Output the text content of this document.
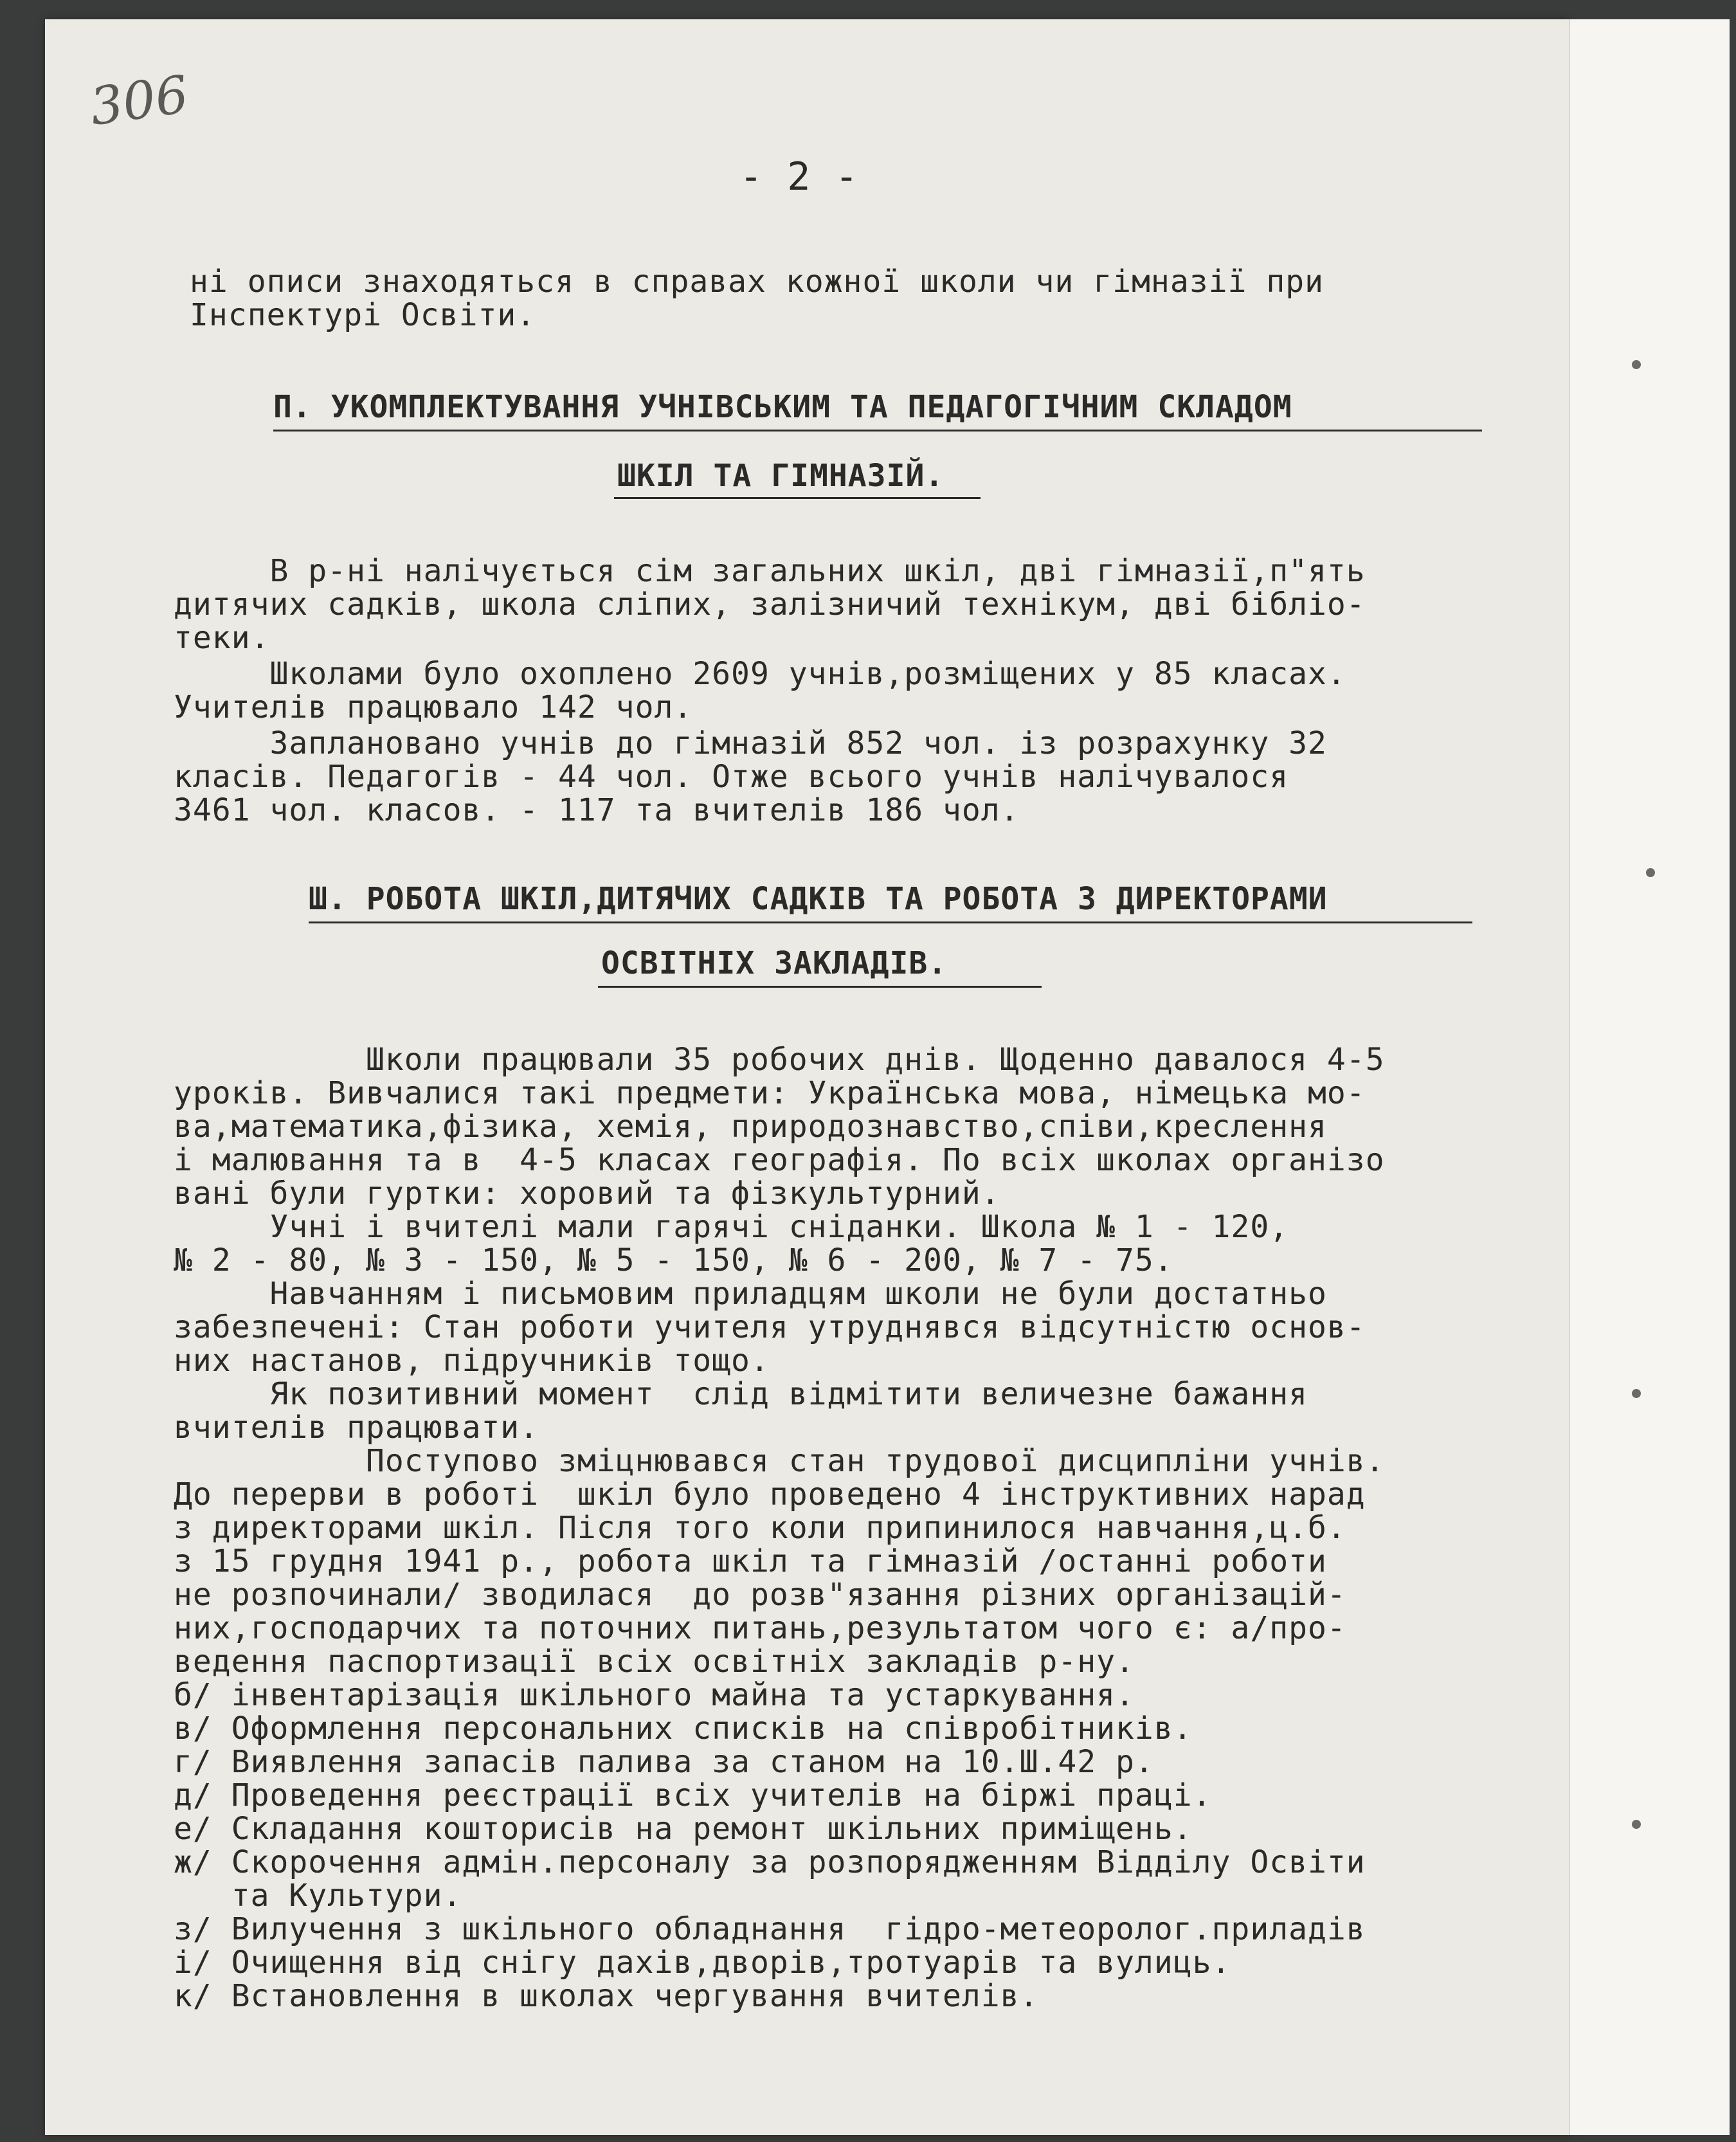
306
- 2 -
ні описи знаходяться в справах кожної школи чи гімназії при
Інспектурі Освіти.
П. УКОМПЛЕКТУВАННЯ УЧНІВСЬКИМ ТА ПЕДАГОГІЧНИМ СКЛАДОМ
ШКІЛ ТА ГІМНАЗІЙ.
В р-ні налічується сім загальних шкіл, дві гімназії,п"ять
дитячих садків, школа сліпих, залізничий технікум, дві бібліо-
теки.
Школами було охоплено 2609 учнів,розміщених у 85 класах.
Учителів працювало 142 чол.
Заплановано учнів до гімназій 852 чол. із розрахунку 32
класів. Педагогів - 44 чол. Отже всього учнів налічувалося
3461 чол. класов. - 117 та вчителів 186 чол.
Ш. РОБОТА ШКІЛ,ДИТЯЧИХ САДКІВ ТА РОБОТА З ДИРЕКТОРАМИ
ОСВІТНІХ ЗАКЛАДІВ.
Школи працювали 35 робочих днів. Щоденно давалося 4-5
уроків. Вивчалися такі предмети: Українська мова, німецька мо-
ва,математика,фізика, хемія, природознавство,співи,креслення
і малювання та в  4-5 класах географія. По всіх школах організо
вані були гуртки: хоровий та фізкультурний.
Учні і вчителі мали гарячі сніданки. Школа № 1 - 120,
№ 2 - 80, № 3 - 150, № 5 - 150, № 6 - 200, № 7 - 75.
Навчанням і письмовим приладцям школи не були достатньо
забезпечені: Стан роботи учителя утруднявся відсутністю основ-
них настанов, підручників тощо.
Як позитивний момент  слід відмітити величезне бажання
вчителів працювати.
Поступово зміцнювався стан трудової дисципліни учнів.
До перерви в роботі  шкіл було проведено 4 інструктивних нарад
з директорами шкіл. Після того коли припинилося навчання,ц.б.
з 15 грудня 1941 р., робота шкіл та гімназій /останні роботи
не розпочинали/ зводилася  до розв"язання різних організацій-
них,господарчих та поточних питань,результатом чого є: а/про-
ведення паспортизації всіх освітніх закладів р-ну.
б/ інвентарізація шкільного майна та устаркування.
в/ Оформлення персональних списків на співробітників.
г/ Виявлення запасів палива за станом на 10.Ш.42 р.
д/ Проведення реєстрації всіх учителів на біржі праці.
е/ Складання кошторисів на ремонт шкільних приміщень.
ж/ Скорочення адмін.персоналу за розпорядженням Відділу Освіти
та Культури.
з/ Вилучення з шкільного обладнання  гідро-метеоролог.приладів
і/ Очищення від снігу дахів,дворів,тротуарів та вулиць.
к/ Встановлення в школах чергування вчителів.
